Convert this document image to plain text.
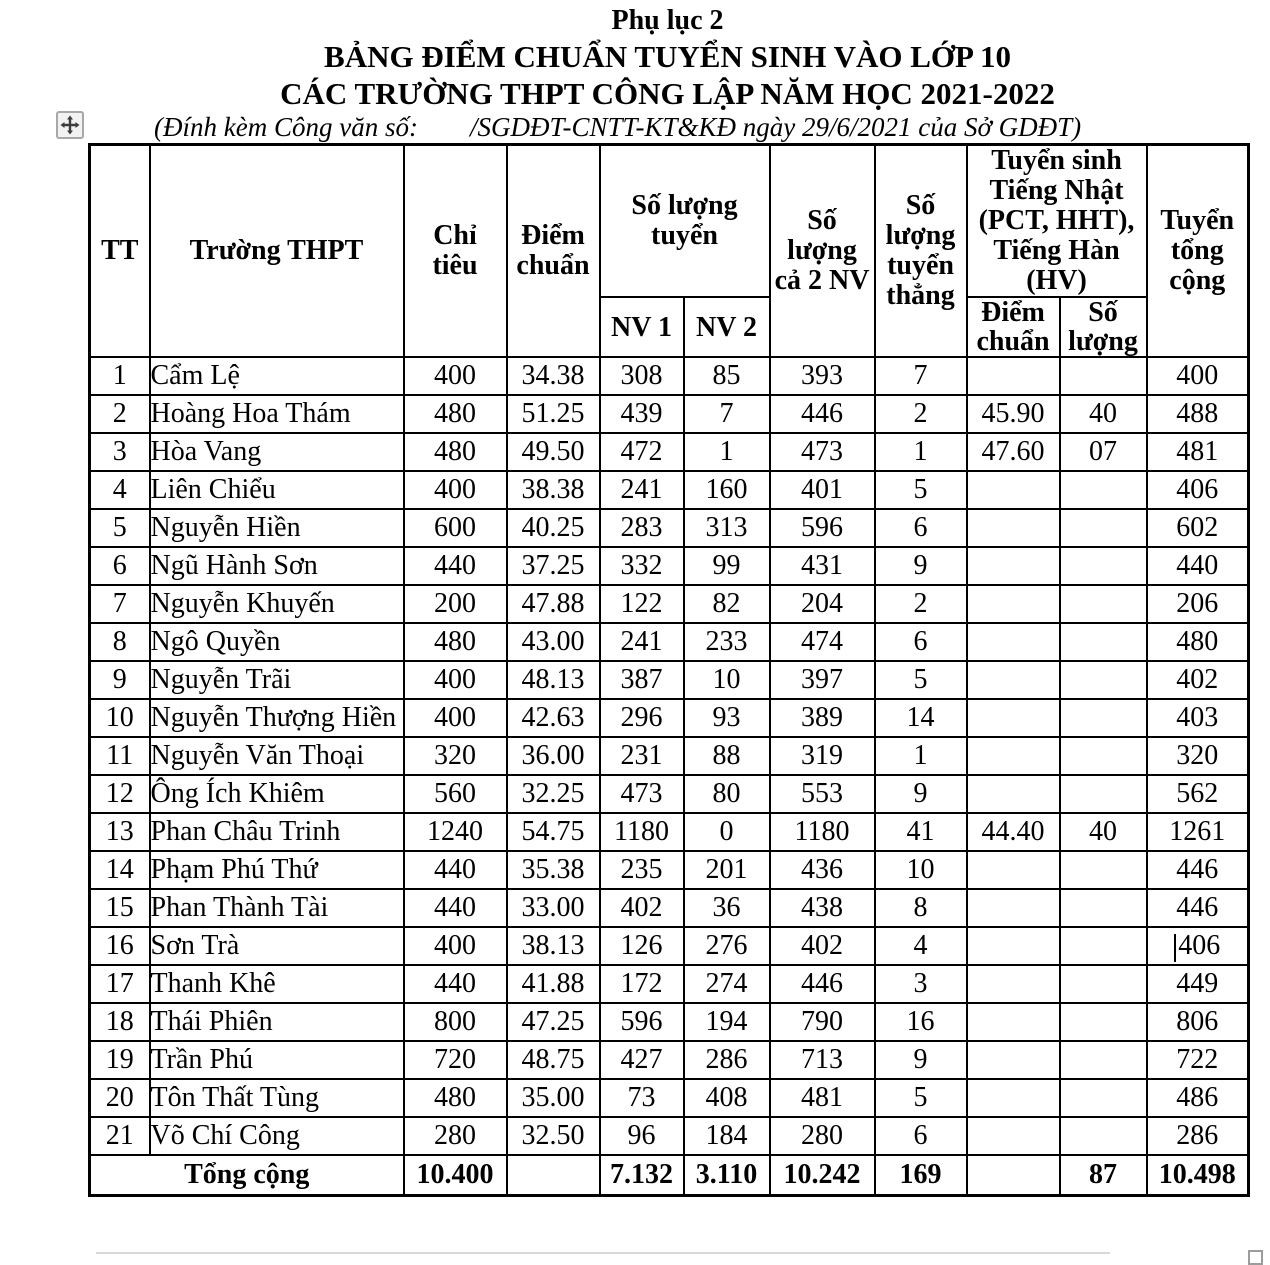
Phụ lục 2
BẢNG ĐIỂM CHUẨN TUYỂN SINH VÀO LỚP 10
CÁC TRƯỜNG THPT CÔNG LẬP NĂM HỌC 2021-2022
(Đính kèm Công văn số: /SGDĐT-CNTT-KT&KĐ ngày 29/6/2021 của Sở GDĐT)
TT	Trường THPT	Chỉ tiêu	Điểm chuẩn	Số lượng tuyển		Số lượng cả 2 NV	Số lượng tuyển thẳng	Tuyển sinh Tiếng Nhật (PCT, HHT), Tiếng Hàn (HV)		Tuyển tổng cộng
				NV 1	NV 2			Điểm chuẩn	Số lượng	
1	Cẩm Lệ	400	34.38	308	85	393	7			400
2	Hoàng Hoa Thám	480	51.25	439	7	446	2	45.90	40	488
3	Hòa Vang	480	49.50	472	1	473	1	47.60	07	481
4	Liên Chiểu	400	38.38	241	160	401	5			406
5	Nguyễn Hiền	600	40.25	283	313	596	6			602
6	Ngũ Hành Sơn	440	37.25	332	99	431	9			440
7	Nguyễn Khuyến	200	47.88	122	82	204	2			206
8	Ngô Quyền	480	43.00	241	233	474	6			480
9	Nguyễn Trãi	400	48.13	387	10	397	5			402
10	Nguyễn Thượng Hiền	400	42.63	296	93	389	14			403
11	Nguyễn Văn Thoại	320	36.00	231	88	319	1			320
12	Ông Ích Khiêm	560	32.25	473	80	553	9			562
13	Phan Châu Trinh	1240	54.75	1180	0	1180	41	44.40	40	1261
14	Phạm Phú Thứ	440	35.38	235	201	436	10			446
15	Phan Thành Tài	440	33.00	402	36	438	8			446
16	Sơn Trà	400	38.13	126	276	402	4			406
17	Thanh Khê	440	41.88	172	274	446	3			449
18	Thái Phiên	800	47.25	596	194	790	16			806
19	Trần Phú	720	48.75	427	286	713	9			722
20	Tôn Thất Tùng	480	35.00	73	408	481	5			486
21	Võ Chí Công	280	32.50	96	184	280	6			286
Tổng cộng		10.400		7.132	3.110	10.242	169		87	10.498
